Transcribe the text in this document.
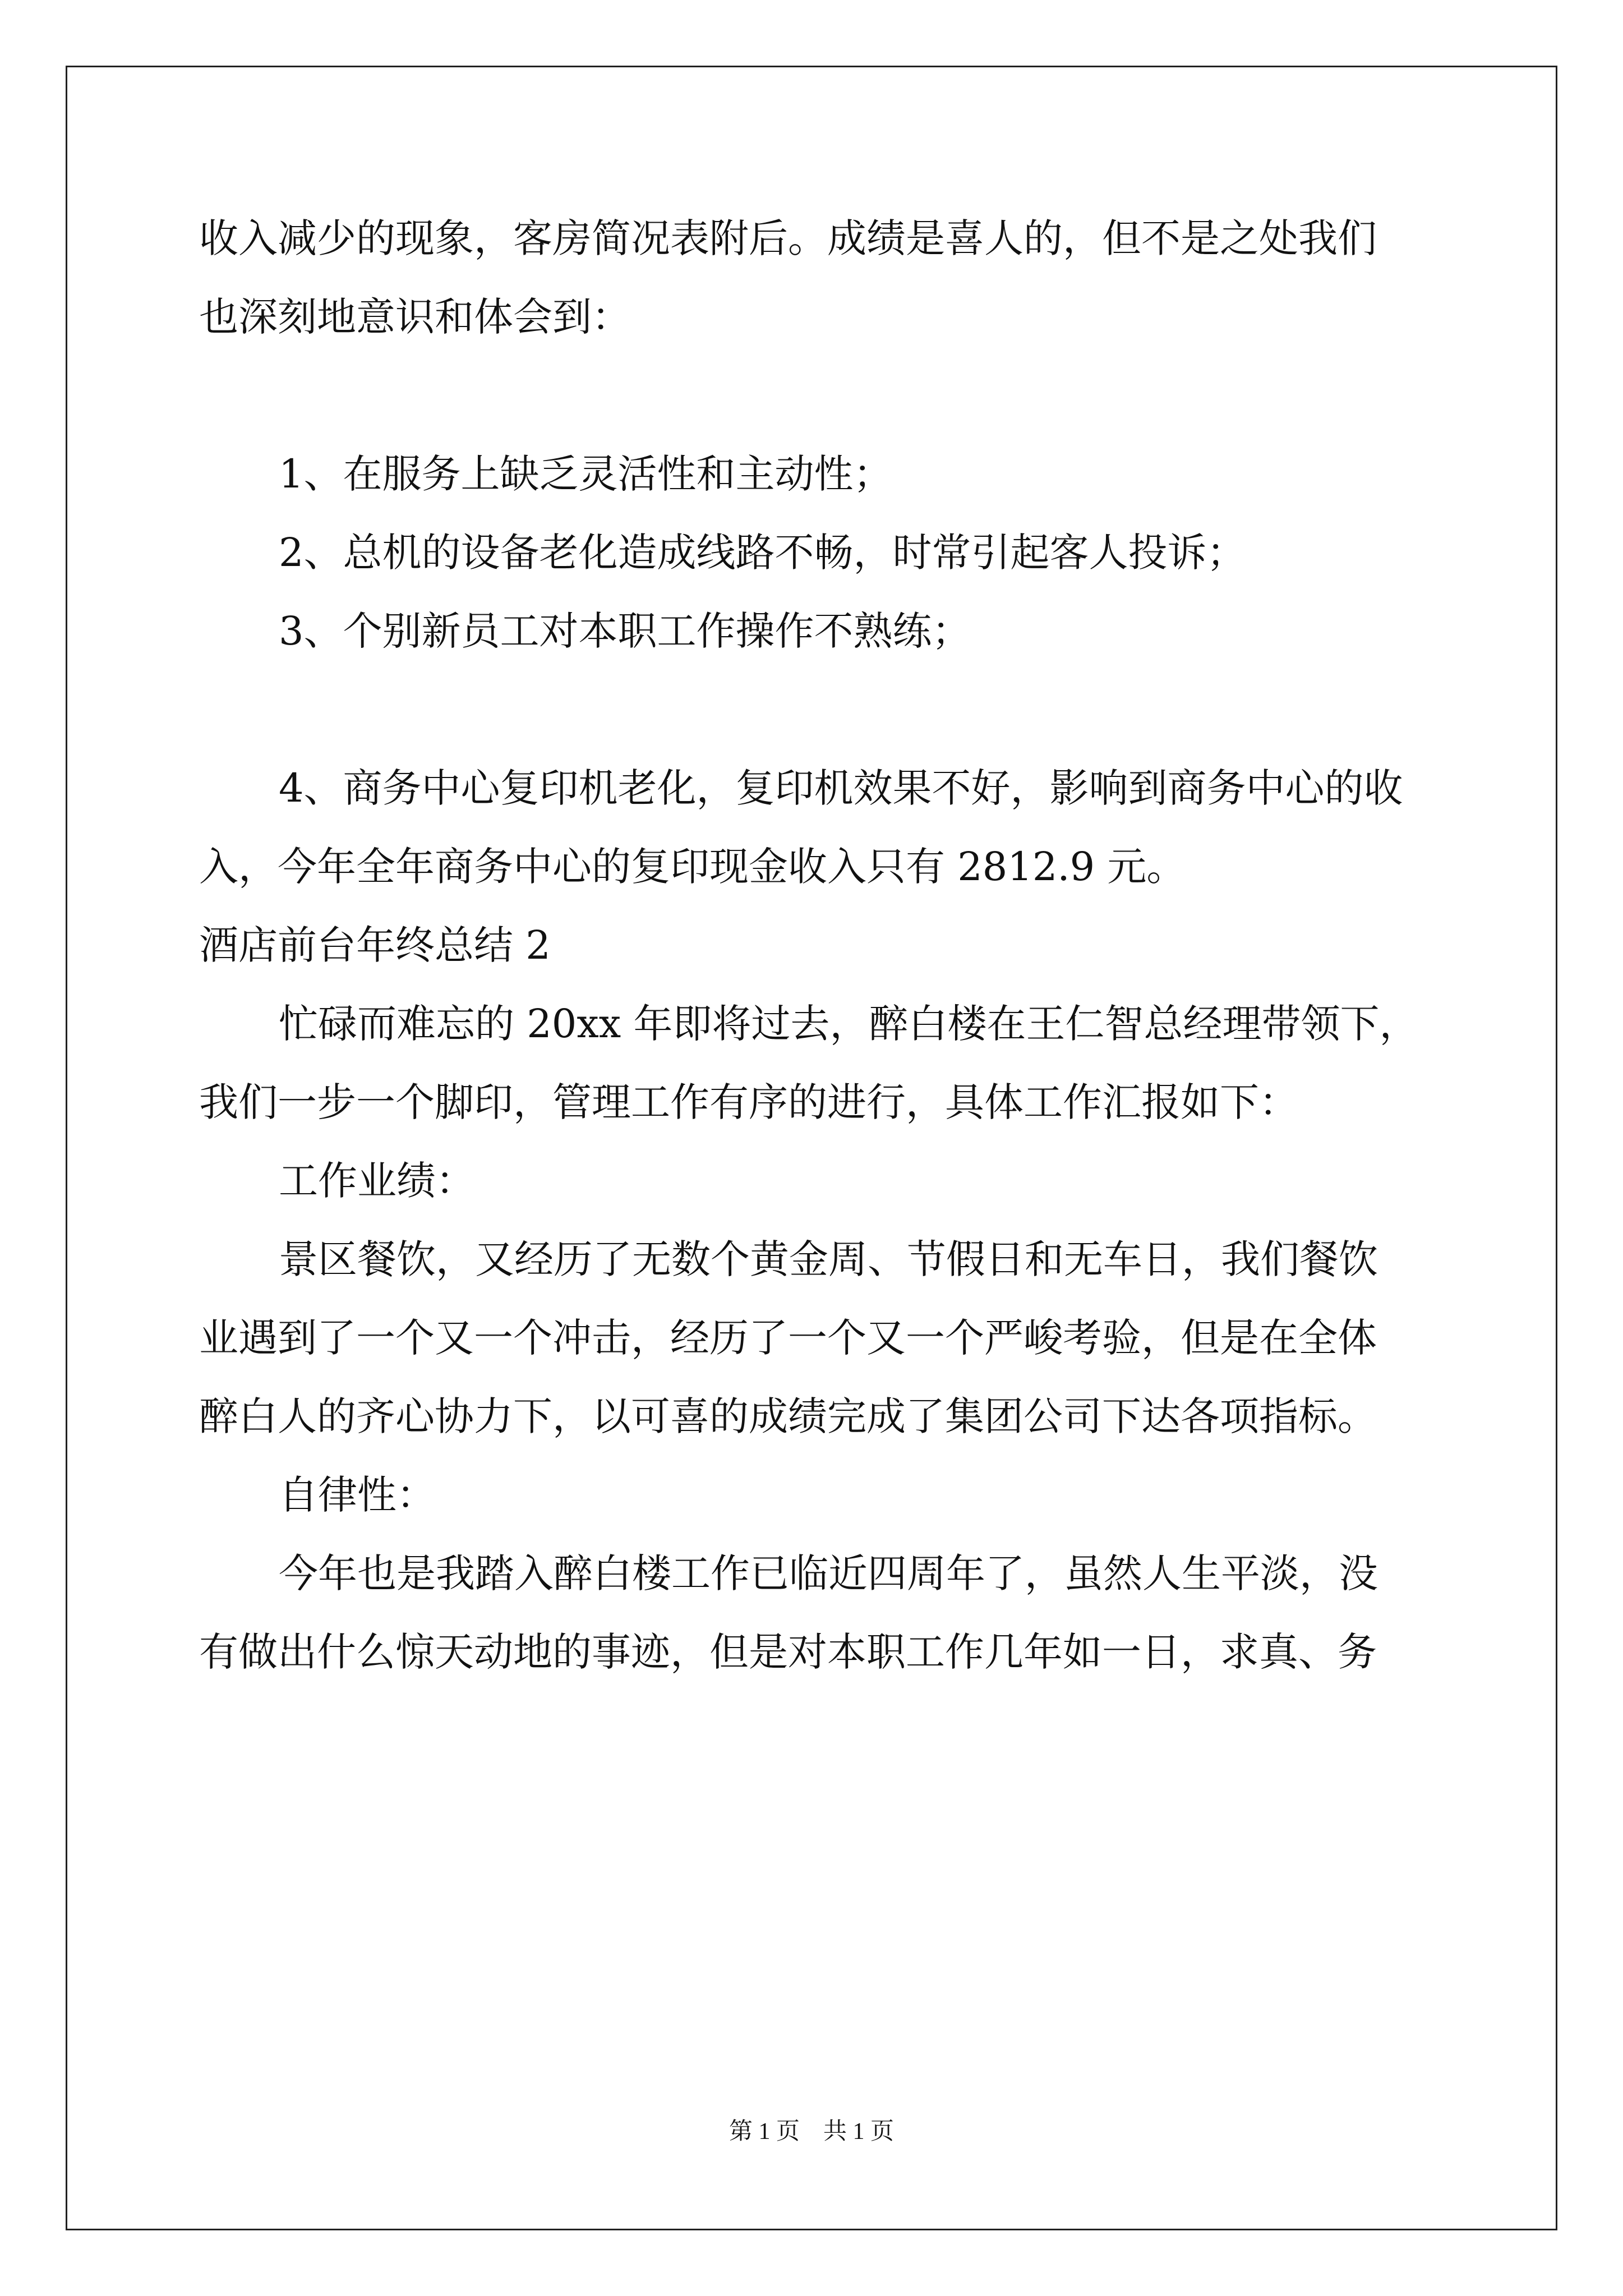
收入减少的现象，客房简况表附后。成绩是喜人的，但不是之处我们
也深刻地意识和体会到：
1、在服务上缺乏灵活性和主动性；
2、总机的设备老化造成线路不畅，时常引起客人投诉；
3、个别新员工对本职工作操作不熟练；
4、商务中心复印机老化，复印机效果不好，影响到商务中心的收
入，今年全年商务中心的复印现金收入只有 2812.9 元。
酒店前台年终总结 2
忙碌而难忘的 20xx 年即将过去，醉白楼在王仁智总经理带领下，
我们一步一个脚印，管理工作有序的进行，具体工作汇报如下：
工作业绩：
景区餐饮，又经历了无数个黄金周、节假日和无车日，我们餐饮
业遇到了一个又一个冲击，经历了一个又一个严峻考验，但是在全体
醉白人的齐心协力下，以可喜的成绩完成了集团公司下达各项指标。
自律性：
今年也是我踏入醉白楼工作已临近四周年了，虽然人生平淡，没
有做出什么惊天动地的事迹，但是对本职工作几年如一日，求真、务
第 1 页　共 1 页
